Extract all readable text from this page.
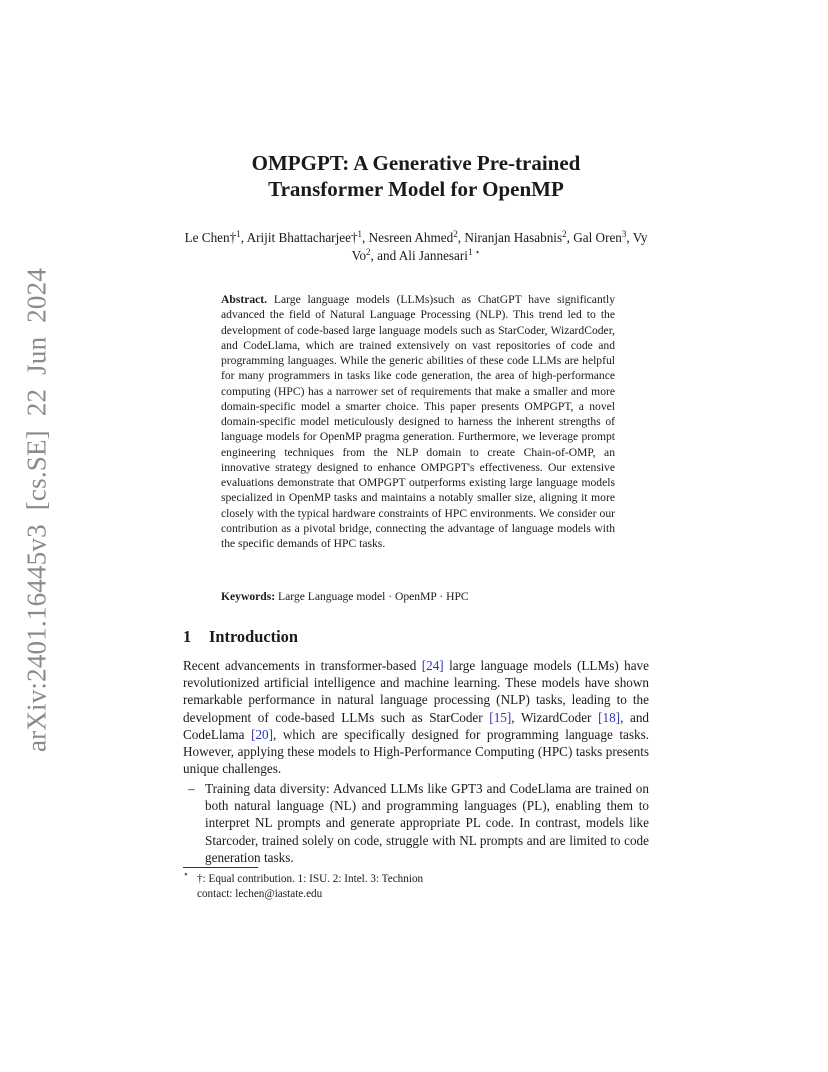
arXiv:2401.16445v3 [cs.SE] 22 Jun 2024
OMPGPT: A Generative Pre-trained
Transformer Model for OpenMP
Le Chen†$^1$, Arijit Bhattacharjee†$^1$, Nesreen Ahmed$^2$, Niranjan Hasabnis$^2$, Gal Oren$^3$, Vy Vo$^2$, and Ali Jannesari$^1$ ⋆
Abstract. Large language models (LLMs)such as ChatGPT have significantly advanced the field of Natural Language Processing (NLP). This trend led to the development of code-based large language models such as StarCoder, WizardCoder, and CodeLlama, which are trained extensively on vast repositories of code and programming languages. While the generic abilities of these code LLMs are helpful for many programmers in tasks like code generation, the area of high-performance computing (HPC) has a narrower set of requirements that make a smaller and more domain-specific model a smarter choice. This paper presents OMPGPT, a novel domain-specific model meticulously designed to harness the inherent strengths of language models for OpenMP pragma generation. Furthermore, we leverage prompt engineering techniques from the NLP domain to create Chain-of-OMP, an innovative strategy designed to enhance OMPGPT's effectiveness. Our extensive evaluations demonstrate that OMPGPT outperforms existing large language models specialized in OpenMP tasks and maintains a notably smaller size, aligning it more closely with the typical hardware constraints of HPC environments. We consider our contribution as a pivotal bridge, connecting the advantage of language models with the specific demands of HPC tasks.
Keywords: Large Language model · OpenMP · HPC
1 Introduction
Recent advancements in transformer-based [24] large language models (LLMs) have revolutionized artificial intelligence and machine learning. These models have shown remarkable performance in natural language processing (NLP) tasks, leading to the development of code-based LLMs such as StarCoder [15], WizardCoder [18], and CodeLlama [20], which are specifically designed for programming language tasks. However, applying these models to High-Performance Computing (HPC) tasks presents unique challenges.
– Training data diversity: Advanced LLMs like GPT3 and CodeLlama are trained on both natural language (NL) and programming languages (PL), enabling them to interpret NL prompts and generate appropriate PL code. In contrast, models like Starcoder, trained solely on code, struggle with NL prompts and are limited to code generation tasks.
⋆ †: Equal contribution. 1: ISU. 2: Intel. 3: Technion
contact: lechen@iastate.edu
